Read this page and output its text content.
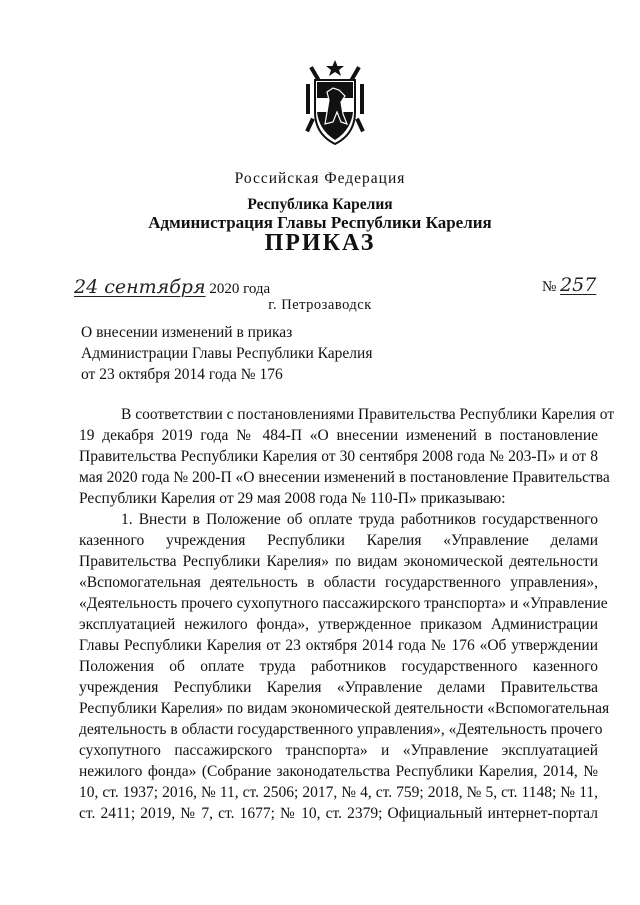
Российская Федерация
Республика Карелия
Администрация Главы Республики Карелия
ПРИКАЗ
24 сентября 2020 года	№ 257
г. Петрозаводск
О внесении изменений в приказ
Администрации Главы Республики Карелия
от 23 октября 2014 года № 176
В соответствии с постановлениями Правительства Республики Карелия от
19 декабря 2019 года № 484-П «О внесении изменений в постановление
Правительства Республики Карелия от 30 сентября 2008 года № 203-П» и от 8
мая 2020 года № 200-П «О внесении изменений в постановление Правительства
Республики Карелия от 29 мая 2008 года № 110-П» приказываю:
1. Внести в Положение об оплате труда работников государственного
казенного учреждения Республики Карелия «Управление делами
Правительства Республики Карелия» по видам экономической деятельности
«Вспомогательная деятельность в области государственного управления»,
«Деятельность прочего сухопутного пассажирского транспорта» и «Управление
эксплуатацией нежилого фонда», утвержденное приказом Администрации
Главы Республики Карелия от 23 октября 2014 года № 176 «Об утверждении
Положения об оплате труда работников государственного казенного
учреждения Республики Карелия «Управление делами Правительства
Республики Карелия» по видам экономической деятельности «Вспомогательная
деятельность в области государственного управления», «Деятельность прочего
сухопутного пассажирского транспорта» и «Управление эксплуатацией
нежилого фонда» (Собрание законодательства Республики Карелия, 2014, №
10, ст. 1937; 2016, № 11, ст. 2506; 2017, № 4, ст. 759; 2018, № 5, ст. 1148; № 11,
ст. 2411; 2019, № 7, ст. 1677; № 10, ст. 2379; Официальный интернет-портал
